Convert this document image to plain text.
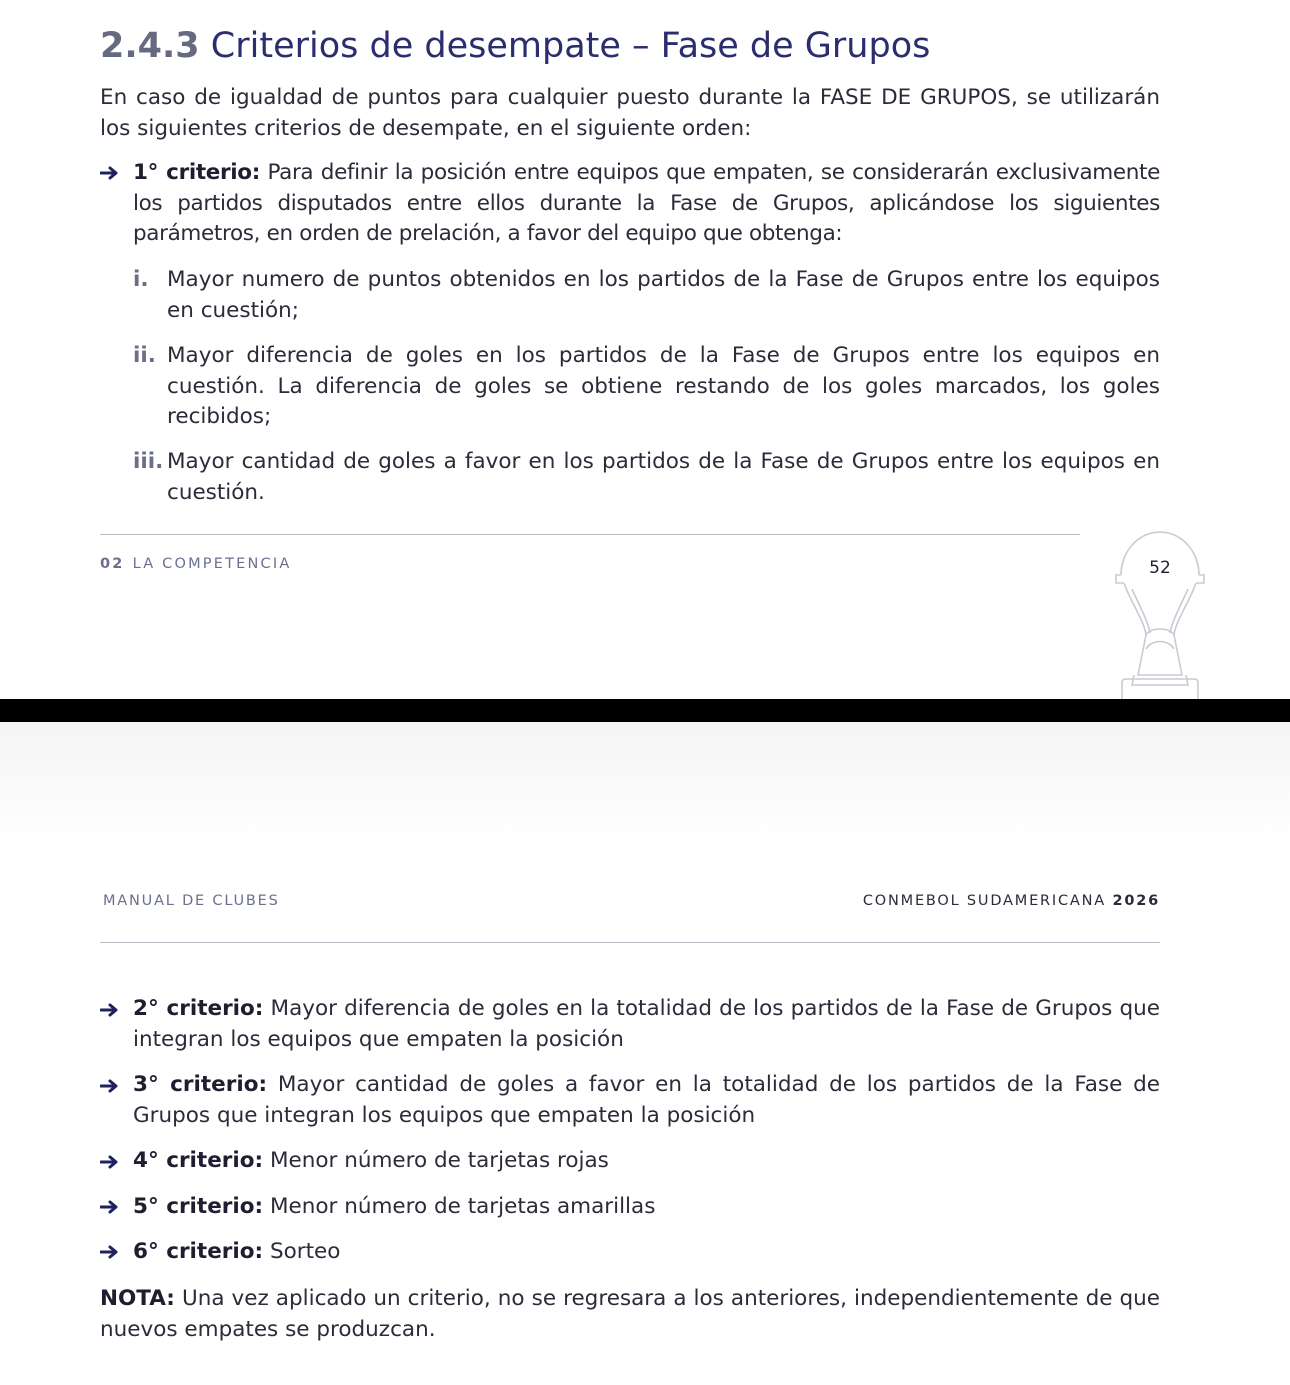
2.4.3 Criterios de desempate – Fase de Grupos
En caso de igualdad de puntos para cualquier puesto durante la FASE DE GRUPOS, se utilizarán los siguientes criterios de desempate, en el siguiente orden:
1° criterio: Para definir la posición entre equipos que empaten, se considerarán exclusivamente los partidos disputados entre ellos durante la Fase de Grupos, aplicándose los siguientes parámetros, en orden de prelación, a favor del equipo que obtenga:
i. Mayor numero de puntos obtenidos en los partidos de la Fase de Grupos entre los equipos en cuestión;
ii. Mayor diferencia de goles en los partidos de la Fase de Grupos entre los equipos en cuestión. La diferencia de goles se obtiene restando de los goles marcados, los goles recibidos;
iii. Mayor cantidad de goles a favor en los partidos de la Fase de Grupos entre los equipos en cuestión.
02 LA COMPETENCIA	52
MANUAL DE CLUBES	CONMEBOL SUDAMERICANA 2026
2° criterio: Mayor diferencia de goles en la totalidad de los partidos de la Fase de Grupos que integran los equipos que empaten la posición
3° criterio: Mayor cantidad de goles a favor en la totalidad de los partidos de la Fase de Grupos que integran los equipos que empaten la posición
4° criterio: Menor número de tarjetas rojas
5° criterio: Menor número de tarjetas amarillas
6° criterio: Sorteo
NOTA: Una vez aplicado un criterio, no se regresara a los anteriores, independientemente de que nuevos empates se produzcan.
